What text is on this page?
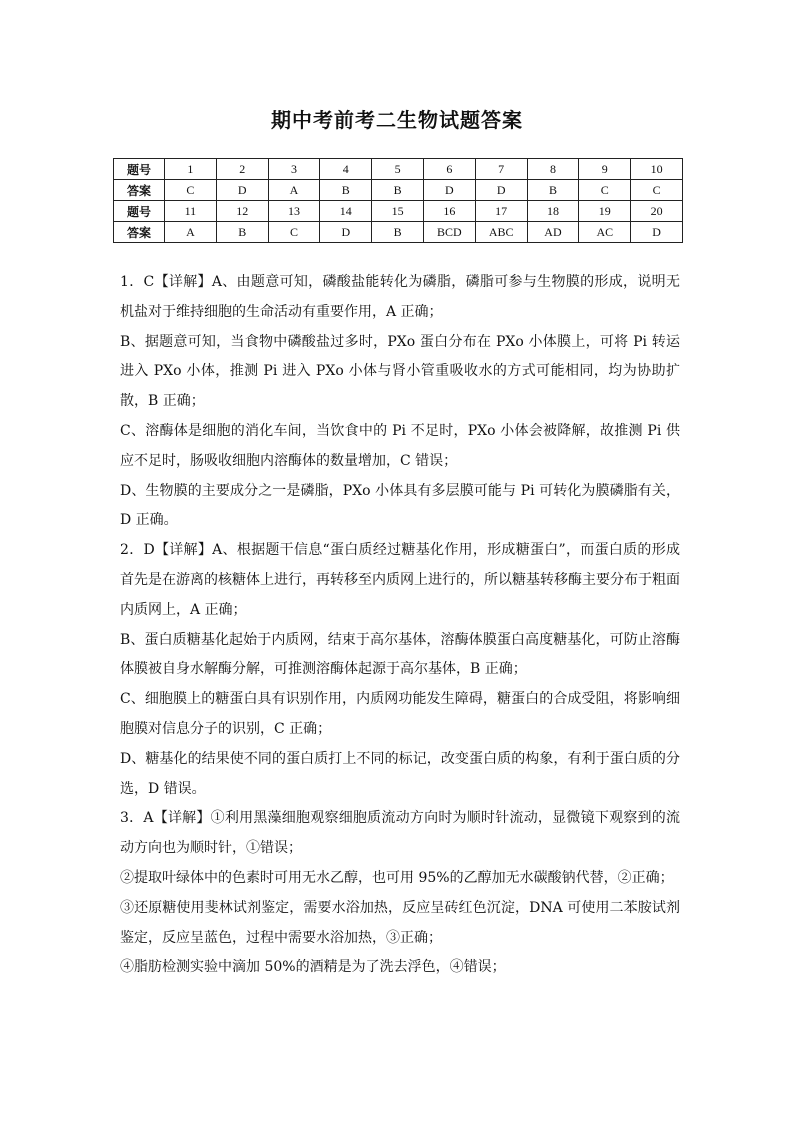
期中考前考二生物试题答案
题号	1	2	3	4	5	6	7	8	9	10
答案	C	D	A	B	B	D	D	B	C	C
题号	11	12	13	14	15	16	17	18	19	20
答案	A	B	C	D	B	BCD	ABC	AD	AC	D

1．C【详解】A、由题意可知，磷酸盐能转化为磷脂，磷脂可参与生物膜的形成，说明无机盐对于维持细胞的生命活动有重要作用，A 正确；

B、据题意可知，当食物中磷酸盐过多时，PXo 蛋白分布在 PXo 小体膜上，可将 Pi 转运进入 PXo 小体，推测 Pi 进入 PXo 小体与肾小管重吸收水的方式可能相同，均为协助扩散，B 正确；

C、溶酶体是细胞的消化车间，当饮食中的 Pi 不足时，PXo 小体会被降解，故推测 Pi 供应不足时，肠吸收细胞内溶酶体的数量增加，C 错误；

D、生物膜的主要成分之一是磷脂，PXo 小体具有多层膜可能与 Pi 可转化为膜磷脂有关，D 正确。

2．D【详解】A、根据题干信息“蛋白质经过糖基化作用，形成糖蛋白”，而蛋白质的形成首先是在游离的核糖体上进行，再转移至内质网上进行的，所以糖基转移酶主要分布于粗面内质网上，A 正确；

B、蛋白质糖基化起始于内质网，结束于高尔基体，溶酶体膜蛋白高度糖基化，可防止溶酶体膜被自身水解酶分解，可推测溶酶体起源于高尔基体，B 正确；

C、细胞膜上的糖蛋白具有识别作用，内质网功能发生障碍，糖蛋白的合成受阻，将影响细胞膜对信息分子的识别，C 正确；

D、糖基化的结果使不同的蛋白质打上不同的标记，改变蛋白质的构象，有利于蛋白质的分选，D 错误。

3．A【详解】①利用黑藻细胞观察细胞质流动方向时为顺时针流动，显微镜下观察到的流动方向也为顺时针，①错误；

②提取叶绿体中的色素时可用无水乙醇，也可用 95%的乙醇加无水碳酸钠代替，②正确；

③还原糖使用斐林试剂鉴定，需要水浴加热，反应呈砖红色沉淀，DNA 可使用二苯胺试剂鉴定，反应呈蓝色，过程中需要水浴加热，③正确；

④脂肪检测实验中滴加 50%的酒精是为了洗去浮色，④错误；
